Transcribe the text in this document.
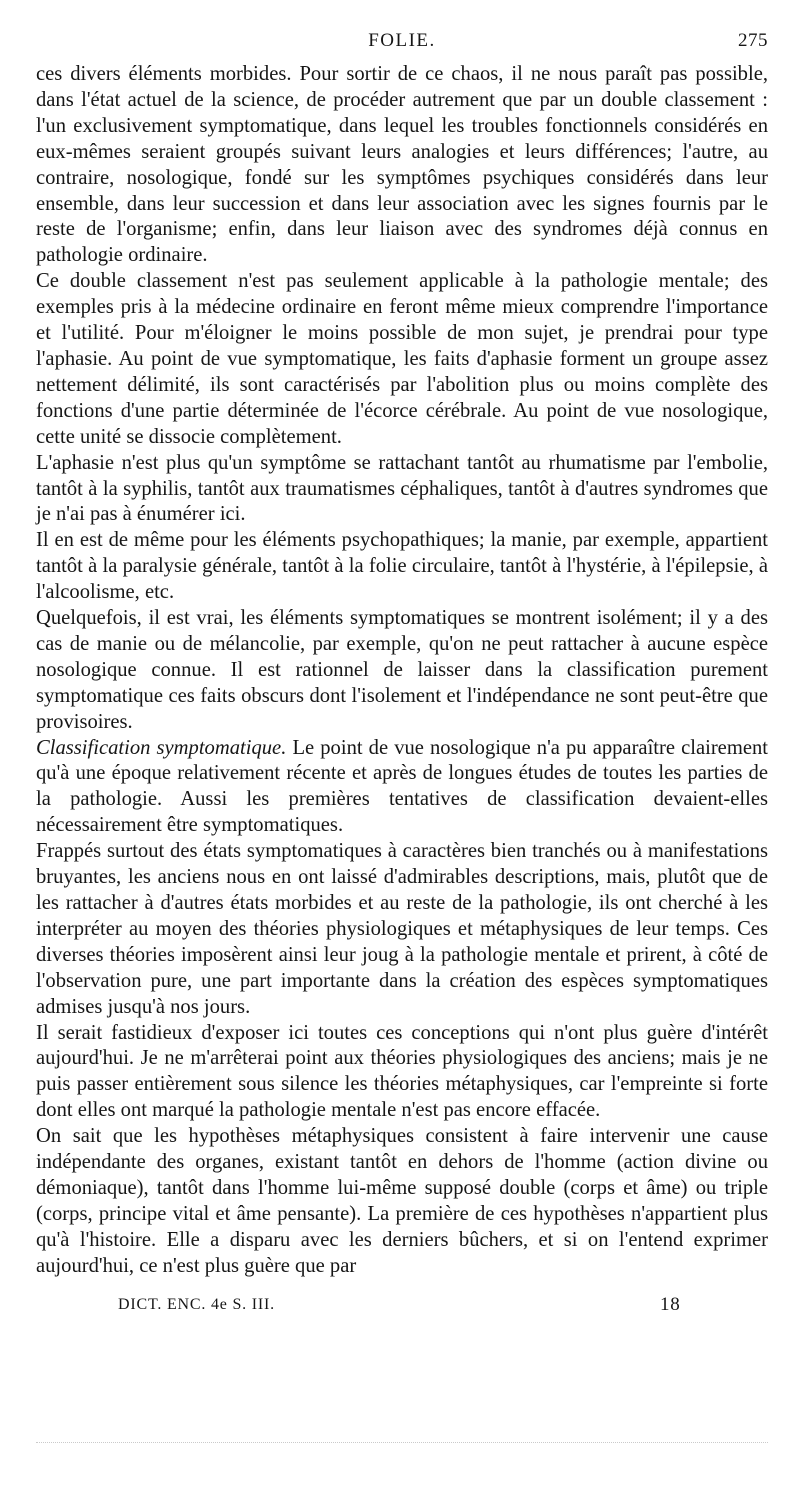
FOLIE.	275

ces divers éléments morbides. Pour sortir de ce chaos, il ne nous paraît pas possible, dans l'état actuel de la science, de procéder autrement que par un double classement : l'un exclusivement symptomatique, dans lequel les troubles fonctionnels considérés en eux-mêmes seraient groupés suivant leurs analogies et leurs différences; l'autre, au contraire, nosologique, fondé sur les symptômes psychiques considérés dans leur ensemble, dans leur succession et dans leur association avec les signes fournis par le reste de l'organisme; enfin, dans leur liaison avec des syndromes déjà connus en pathologie ordinaire.

Ce double classement n'est pas seulement applicable à la pathologie mentale; des exemples pris à la médecine ordinaire en feront même mieux comprendre l'importance et l'utilité. Pour m'éloigner le moins possible de mon sujet, je prendrai pour type l'aphasie. Au point de vue symptomatique, les faits d'aphasie forment un groupe assez nettement délimité, ils sont caractérisés par l'abolition plus ou moins complète des fonctions d'une partie déterminée de l'écorce cérébrale. Au point de vue nosologique, cette unité se dissocie complètement.

L'aphasie n'est plus qu'un symptôme se rattachant tantôt au rhumatisme par l'embolie, tantôt à la syphilis, tantôt aux traumatismes céphaliques, tantôt à d'autres syndromes que je n'ai pas à énumérer ici.

Il en est de même pour les éléments psychopathiques; la manie, par exemple, appartient tantôt à la paralysie générale, tantôt à la folie circulaire, tantôt à l'hystérie, à l'épilepsie, à l'alcoolisme, etc.

Quelquefois, il est vrai, les éléments symptomatiques se montrent isolément; il y a des cas de manie ou de mélancolie, par exemple, qu'on ne peut rattacher à aucune espèce nosologique connue. Il est rationnel de laisser dans la classification purement symptomatique ces faits obscurs dont l'isolement et l'indépendance ne sont peut-être que provisoires.

Classification symptomatique. Le point de vue nosologique n'a pu apparaître clairement qu'à une époque relativement récente et après de longues études de toutes les parties de la pathologie. Aussi les premières tentatives de classification devaient-elles nécessairement être symptomatiques.

Frappés surtout des états symptomatiques à caractères bien tranchés ou à manifestations bruyantes, les anciens nous en ont laissé d'admirables descriptions, mais, plutôt que de les rattacher à d'autres états morbides et au reste de la pathologie, ils ont cherché à les interpréter au moyen des théories physiologiques et métaphysiques de leur temps. Ces diverses théories imposèrent ainsi leur joug à la pathologie mentale et prirent, à côté de l'observation pure, une part importante dans la création des espèces symptomatiques admises jusqu'à nos jours.

Il serait fastidieux d'exposer ici toutes ces conceptions qui n'ont plus guère d'intérêt aujourd'hui. Je ne m'arrêterai point aux théories physiologiques des anciens; mais je ne puis passer entièrement sous silence les théories métaphysiques, car l'empreinte si forte dont elles ont marqué la pathologie mentale n'est pas encore effacée.

On sait que les hypothèses métaphysiques consistent à faire intervenir une cause indépendante des organes, existant tantôt en dehors de l'homme (action divine ou démoniaque), tantôt dans l'homme lui-même supposé double (corps et âme) ou triple (corps, principe vital et âme pensante). La première de ces hypothèses n'appartient plus qu'à l'histoire. Elle a disparu avec les derniers bûchers, et si on l'entend exprimer aujourd'hui, ce n'est plus guère que par

DICT. ENC. 4e S. III.	18
